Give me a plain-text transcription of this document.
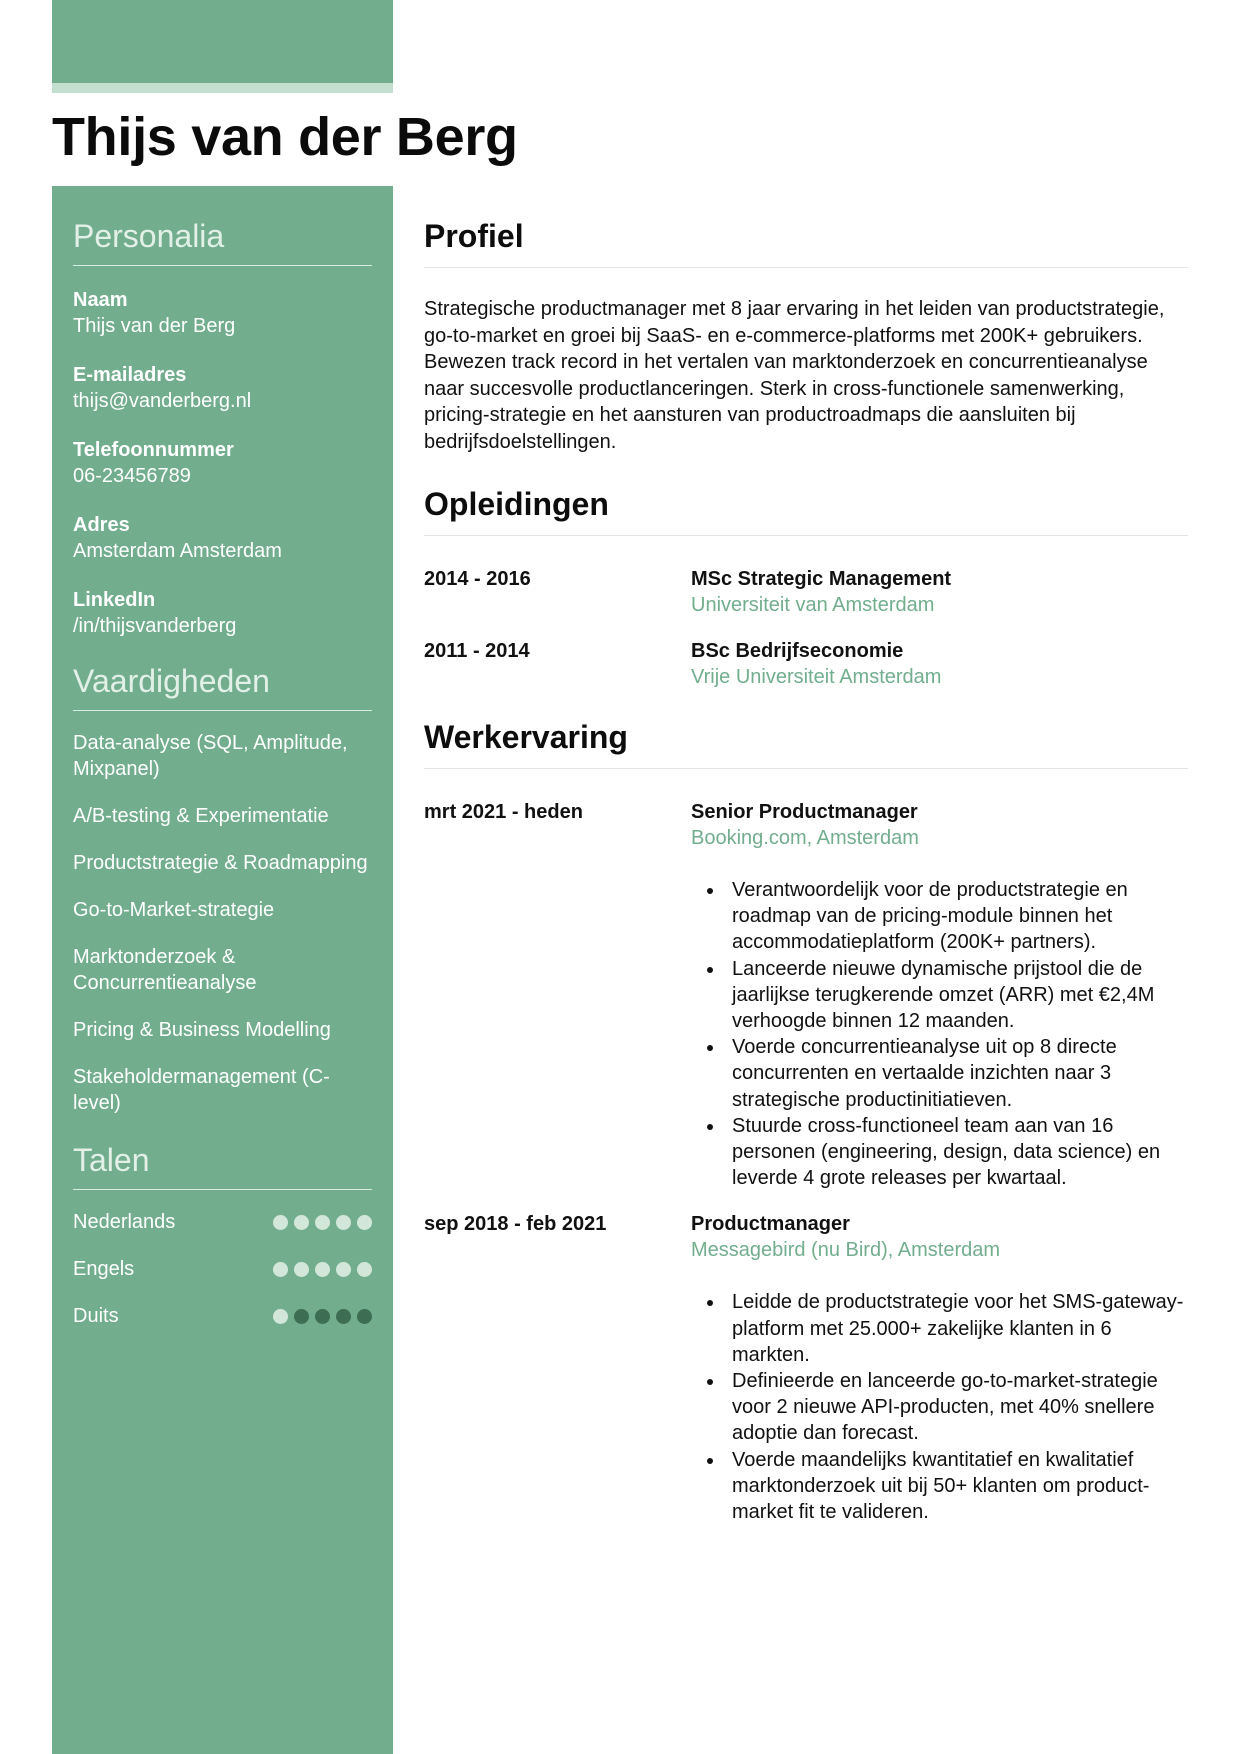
Thijs van der Berg
Personalia
Naam
Thijs van der Berg
E-mailadres
thijs@vanderberg.nl
Telefoonnummer
06-23456789
Adres
Amsterdam Amsterdam
LinkedIn
/in/thijsvanderberg
Vaardigheden
Data-analyse (SQL, Amplitude, Mixpanel)
A/B-testing & Experimentatie
Productstrategie & Roadmapping
Go-to-Market-strategie
Marktonderzoek & Concurrentieanalyse
Pricing & Business Modelling
Stakeholdermanagement (C-level)
Talen
Nederlands
Engels
Duits
Profiel

Strategische productmanager met 8 jaar ervaring in het leiden van productstrategie, go-to-market en groei bij SaaS- en e-commerce-platforms met 200K+ gebruikers. Bewezen track record in het vertalen van marktonderzoek en concurrentieanalyse naar succesvolle productlanceringen. Sterk in cross-functionele samenwerking, pricing-strategie en het aansturen van productroadmaps die aansluiten bij bedrijfsdoelstellingen.

Opleidingen
2014 - 2016	MSc Strategic Management
Universiteit van Amsterdam
2011 - 2014	BSc Bedrijfseconomie
Vrije Universiteit Amsterdam
Werkervaring
mrt 2021 - heden	Senior Productmanager
Booking.com, Amsterdam
Verantwoordelijk voor de productstrategie en roadmap van de pricing-module binnen het accommodatieplatform (200K+ partners).
Lanceerde nieuwe dynamische prijstool die de jaarlijkse terugkerende omzet (ARR) met €2,4M verhoogde binnen 12 maanden.
Voerde concurrentieanalyse uit op 8 directe concurrenten en vertaalde inzichten naar 3 strategische productinitiatieven.
Stuurde cross-functioneel team aan van 16 personen (engineering, design, data science) en leverde 4 grote releases per kwartaal.
sep 2018 - feb 2021	Productmanager
Messagebird (nu Bird), Amsterdam
Leidde de productstrategie voor het SMS-gateway-platform met 25.000+ zakelijke klanten in 6 markten.
Definieerde en lanceerde go-to-market-strategie voor 2 nieuwe API-producten, met 40% snellere adoptie dan forecast.
Voerde maandelijks kwantitatief en kwalitatief marktonderzoek uit bij 50+ klanten om product-market fit te valideren.
